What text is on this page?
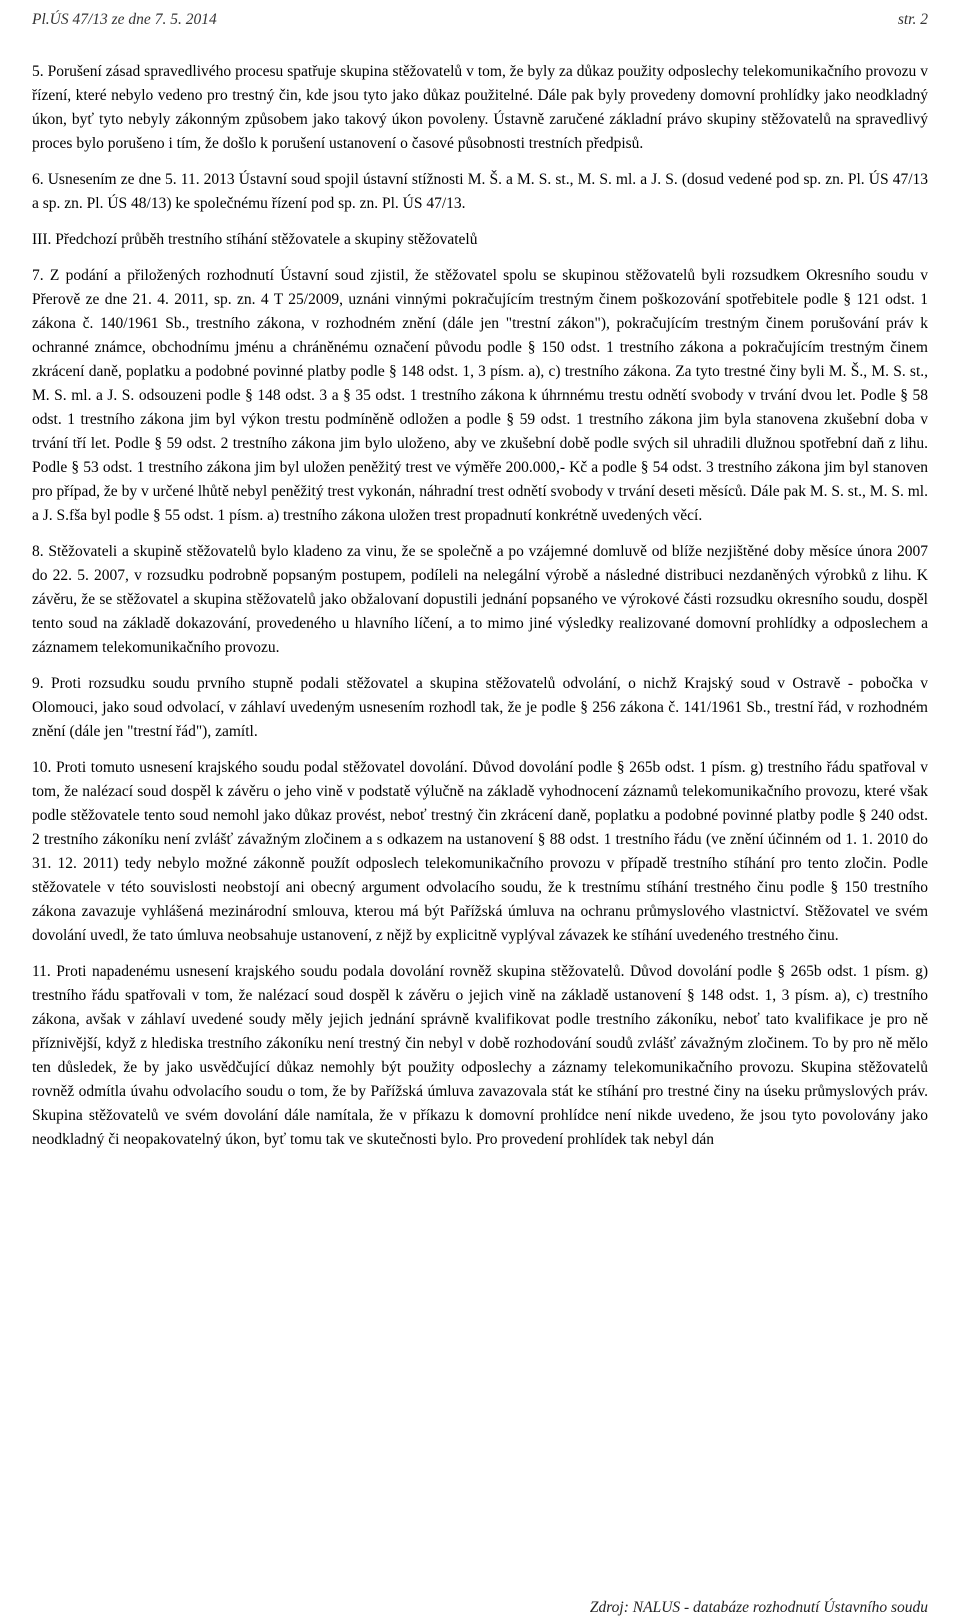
Pl.ÚS 47/13 ze dne 7. 5. 2014	str. 2

5. Porušení zásad spravedlivého procesu spatřuje skupina stěžovatelů v tom, že byly za důkaz použity odposlechy telekomunikačního provozu v řízení, které nebylo vedeno pro trestný čin, kde jsou tyto jako důkaz použitelné. Dále pak byly provedeny domovní prohlídky jako neodkladný úkon, byť tyto nebyly zákonným způsobem jako takový úkon povoleny. Ústavně zaručené základní právo skupiny stěžovatelů na spravedlivý proces bylo porušeno i tím, že došlo k porušení ustanovení o časové působnosti trestních předpisů.

6. Usnesením ze dne 5. 11. 2013 Ústavní soud spojil ústavní stížnosti M. Š. a M. S. st., M. S. ml. a J. S. (dosud vedené pod sp. zn. Pl. ÚS 47/13 a sp. zn. Pl. ÚS 48/13) ke společnému řízení pod sp. zn. Pl. ÚS 47/13.

III. Předchozí průběh trestního stíhání stěžovatele a skupiny stěžovatelů

7. Z podání a přiložených rozhodnutí Ústavní soud zjistil, že stěžovatel spolu se skupinou stěžovatelů byli rozsudkem Okresního soudu v Přerově ze dne 21. 4. 2011, sp. zn. 4 T 25/2009, uznáni vinnými pokračujícím trestným činem poškozování spotřebitele podle § 121 odst. 1 zákona č. 140/1961 Sb., trestního zákona, v rozhodném znění (dále jen "trestní zákon"), pokračujícím trestným činem porušování práv k ochranné známce, obchodnímu jménu a chráněnému označení původu podle § 150 odst. 1 trestního zákona a pokračujícím trestným činem zkrácení daně, poplatku a podobné povinné platby podle § 148 odst. 1, 3 písm. a), c) trestního zákona. Za tyto trestné činy byli M. Š., M. S. st., M. S. ml. a J. S. odsouzeni podle § 148 odst. 3 a § 35 odst. 1 trestního zákona k úhrnnému trestu odnětí svobody v trvání dvou let. Podle § 58 odst. 1 trestního zákona jim byl výkon trestu podmíněně odložen a podle § 59 odst. 1 trestního zákona jim byla stanovena zkušební doba v trvání tří let. Podle § 59 odst. 2 trestního zákona jim bylo uloženo, aby ve zkušební době podle svých sil uhradili dlužnou spotřební daň z lihu. Podle § 53 odst. 1 trestního zákona jim byl uložen peněžitý trest ve výměře 200.000,- Kč a podle § 54 odst. 3 trestního zákona jim byl stanoven pro případ, že by v určené lhůtě nebyl peněžitý trest vykonán, náhradní trest odnětí svobody v trvání deseti měsíců. Dále pak M. S. st., M. S. ml. a J. S.fša byl podle § 55 odst. 1 písm. a) trestního zákona uložen trest propadnutí konkrétně uvedených věcí.

8. Stěžovateli a skupině stěžovatelů bylo kladeno za vinu, že se společně a po vzájemné domluvě od blíže nezjištěné doby měsíce února 2007 do 22. 5. 2007, v rozsudku podrobně popsaným postupem, podíleli na nelegální výrobě a následné distribuci nezdaněných výrobků z lihu. K závěru, že se stěžovatel a skupina stěžovatelů jako obžalovaní dopustili jednání popsaného ve výrokové části rozsudku okresního soudu, dospěl tento soud na základě dokazování, provedeného u hlavního líčení, a to mimo jiné výsledky realizované domovní prohlídky a odposlechem a záznamem telekomunikačního provozu.

9. Proti rozsudku soudu prvního stupně podali stěžovatel a skupina stěžovatelů odvolání, o nichž Krajský soud v Ostravě - pobočka v Olomouci, jako soud odvolací, v záhlaví uvedeným usnesením rozhodl tak, že je podle § 256 zákona č. 141/1961 Sb., trestní řád, v rozhodném znění (dále jen "trestní řád"), zamítl.

10. Proti tomuto usnesení krajského soudu podal stěžovatel dovolání. Důvod dovolání podle § 265b odst. 1 písm. g) trestního řádu spatřoval v tom, že nalézací soud dospěl k závěru o jeho vině v podstatě výlučně na základě vyhodnocení záznamů telekomunikačního provozu, které však podle stěžovatele tento soud nemohl jako důkaz provést, neboť trestný čin zkrácení daně, poplatku a podobné povinné platby podle § 240 odst. 2 trestního zákoníku není zvlášť závažným zločinem a s odkazem na ustanovení § 88 odst. 1 trestního řádu (ve znění účinném od 1. 1. 2010 do 31. 12. 2011) tedy nebylo možné zákonně použít odposlech telekomunikačního provozu v případě trestního stíhání pro tento zločin. Podle stěžovatele v této souvislosti neobstojí ani obecný argument odvolacího soudu, že k trestnímu stíhání trestného činu podle § 150 trestního zákona zavazuje vyhlášená mezinárodní smlouva, kterou má být Pařížská úmluva na ochranu průmyslového vlastnictví. Stěžovatel ve svém dovolání uvedl, že tato úmluva neobsahuje ustanovení, z nějž by explicitně vyplýval závazek ke stíhání uvedeného trestného činu.

11. Proti napadenému usnesení krajského soudu podala dovolání rovněž skupina stěžovatelů. Důvod dovolání podle § 265b odst. 1 písm. g) trestního řádu spatřovali v tom, že nalézací soud dospěl k závěru o jejich vině na základě ustanovení § 148 odst. 1, 3 písm. a), c) trestního zákona, avšak v záhlaví uvedené soudy měly jejich jednání správně kvalifikovat podle trestního zákoníku, neboť tato kvalifikace je pro ně příznivější, když z hlediska trestního zákoníku není trestný čin nebyl v době rozhodování soudů zvlášť závažným zločinem. To by pro ně mělo ten důsledek, že by jako usvědčující důkaz nemohly být použity odposlechy a záznamy telekomunikačního provozu. Skupina stěžovatelů rovněž odmítla úvahu odvolacího soudu o tom, že by Pařížská úmluva zavazovala stát ke stíhání pro trestné činy na úseku průmyslových práv. Skupina stěžovatelů ve svém dovolání dále namítala, že v příkazu k domovní prohlídce není nikde uvedeno, že jsou tyto povolovány jako neodkladný či neopakovatelný úkon, byť tomu tak ve skutečnosti bylo. Pro provedení prohlídek tak nebyl dán

Zdroj: NALUS - databáze rozhodnutí Ústavního soudu
